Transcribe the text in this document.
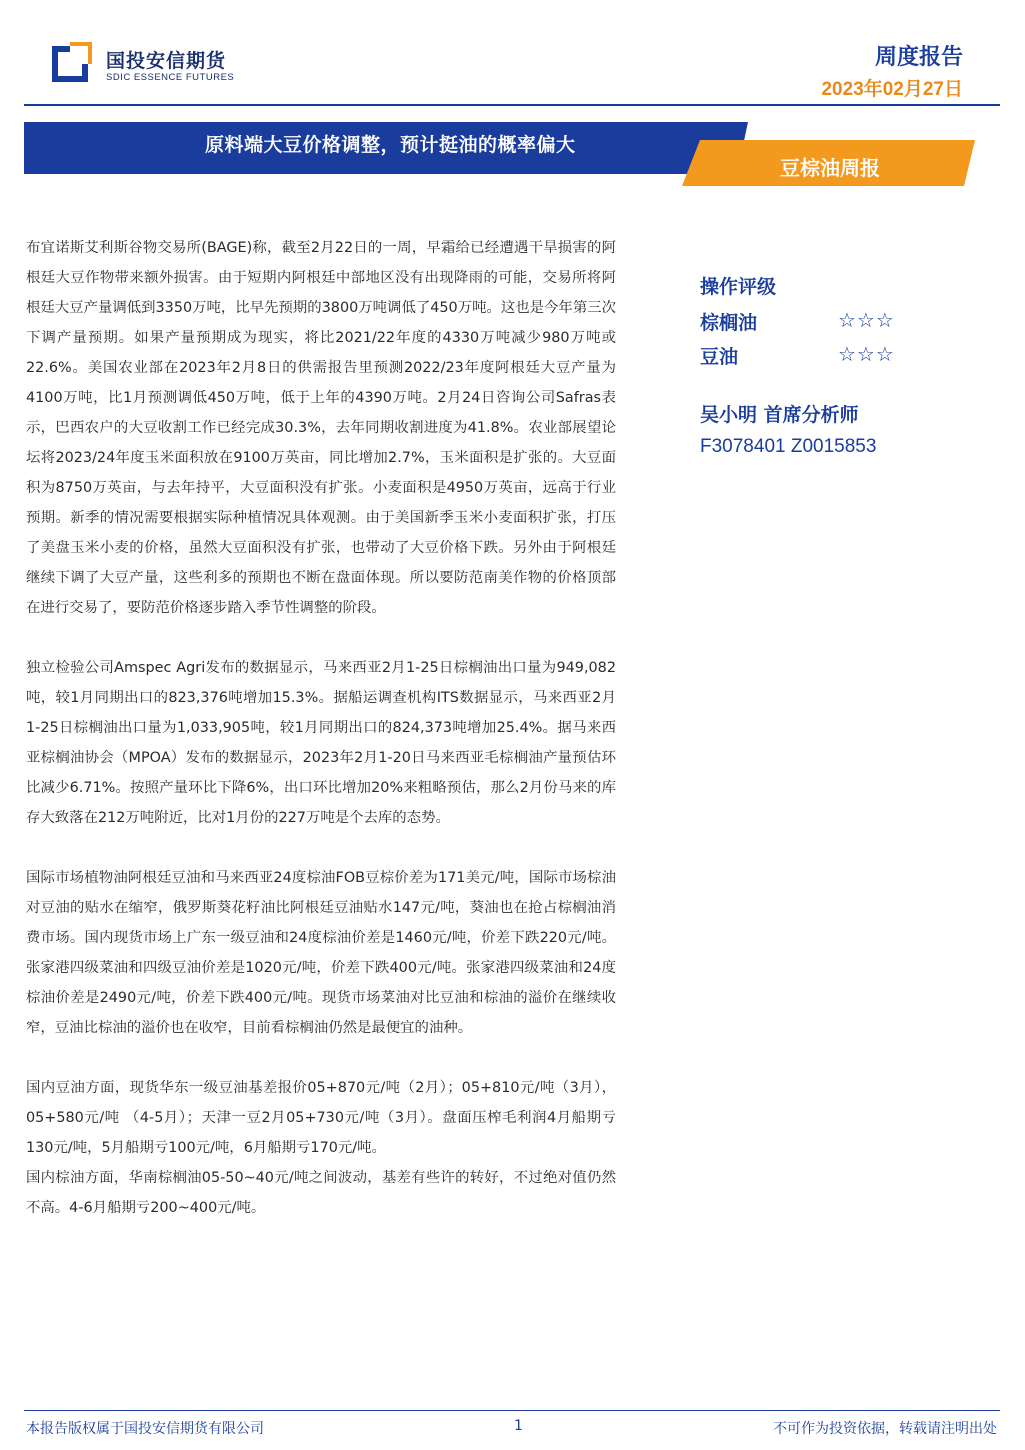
国投安信期货
SDIC ESSENCE FUTURES
周度报告
2023年02月27日
原料端大豆价格调整，预计挺油的概率偏大
豆棕油周报

布宜诺斯艾利斯谷物交易所(BAGE)称，截至2月22日的一周，早霜给已经遭遇干旱损害的阿根廷大豆作物带来额外损害。由于短期内阿根廷中部地区没有出现降雨的可能，交易所将阿根廷大豆产量调低到3350万吨，比早先预期的3800万吨调低了450万吨。这也是今年第三次下调产量预期。如果产量预期成为现实，将比2021/22年度的4330万吨减少980万吨或22.6%。美国农业部在2023年2月8日的供需报告里预测2022/23年度阿根廷大豆产量为4100万吨，比1月预测调低450万吨，低于上年的4390万吨。2月24日咨询公司Safras表示，巴西农户的大豆收割工作已经完成30.3%，去年同期收割进度为41.8%。农业部展望论坛将2023/24年度玉米面积放在9100万英亩，同比增加2.7%，玉米面积是扩张的。大豆面积为8750万英亩，与去年持平，大豆面积没有扩张。小麦面积是4950万英亩，远高于行业预期。新季的情况需要根据实际种植情况具体观测。由于美国新季玉米小麦面积扩张，打压了美盘玉米小麦的价格，虽然大豆面积没有扩张，也带动了大豆价格下跌。另外由于阿根廷继续下调了大豆产量，这些利多的预期也不断在盘面体现。所以要防范南美作物的价格顶部在进行交易了，要防范价格逐步踏入季节性调整的阶段。

独立检验公司Amspec Agri发布的数据显示，马来西亚2月1-25日棕榈油出口量为949,082吨，较1月同期出口的823,376吨增加15.3%。据船运调查机构ITS数据显示，马来西亚2月1-25日棕榈油出口量为1,033,905吨，较1月同期出口的824,373吨增加25.4%。据马来西亚棕榈油协会（MPOA）发布的数据显示，2023年2月1-20日马来西亚毛棕榈油产量预估环比减少6.71%。按照产量环比下降6%，出口环比增加20%来粗略预估，那么2月份马来的库存大致落在212万吨附近，比对1月份的227万吨是个去库的态势。

国际市场植物油阿根廷豆油和马来西亚24度棕油FOB豆棕价差为171美元/吨，国际市场棕油对豆油的贴水在缩窄，俄罗斯葵花籽油比阿根廷豆油贴水147元/吨，葵油也在抢占棕榈油消费市场。国内现货市场上广东一级豆油和24度棕油价差是1460元/吨，价差下跌220元/吨。张家港四级菜油和四级豆油价差是1020元/吨，价差下跌400元/吨。张家港四级菜油和24度棕油价差是2490元/吨，价差下跌400元/吨。现货市场菜油对比豆油和棕油的溢价在继续收窄，豆油比棕油的溢价也在收窄，目前看棕榈油仍然是最便宜的油种。

国内豆油方面，现货华东一级豆油基差报价05+870元/吨（2月）；05+810元/吨（3月）， 05+580元/吨 （4-5月）；天津一豆2月05+730元/吨（3月）。盘面压榨毛利润4月船期亏130元/吨，5月船期亏100元/吨，6月船期亏170元/吨。

国内棕油方面，华南棕榈油05-50~40元/吨之间波动，基差有些许的转好，不过绝对值仍然不高。4-6月船期亏200~400元/吨。

操作评级
棕榈油	☆☆☆
豆油	☆☆☆
吴小明 首席分析师
F3078401 Z0015853
本报告版权属于国投安信期货有限公司	1	不可作为投资依据，转载请注明出处
